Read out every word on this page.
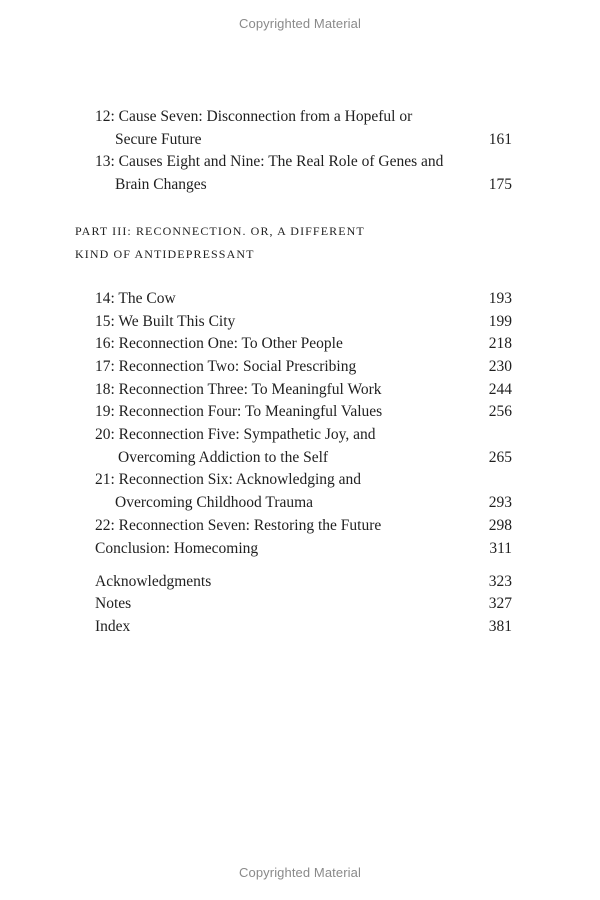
Copyrighted Material
12: Cause Seven: Disconnection from a Hopeful or
Secure Future	161
13: Causes Eight and Nine: The Real Role of Genes and
Brain Changes	175
PART III: RECONNECTION. OR, A DIFFERENT
KIND OF ANTIDEPRESSANT
14: The Cow	193
15: We Built This City	199
16: Reconnection One: To Other People	218
17: Reconnection Two: Social Prescribing	230
18: Reconnection Three: To Meaningful Work	244
19: Reconnection Four: To Meaningful Values	256
20: Reconnection Five: Sympathetic Joy, and
Overcoming Addiction to the Self	265
21: Reconnection Six: Acknowledging and
Overcoming Childhood Trauma	293
22: Reconnection Seven: Restoring the Future	298
Conclusion: Homecoming	311
Acknowledgments	323
Notes	327
Index	381
Copyrighted Material
